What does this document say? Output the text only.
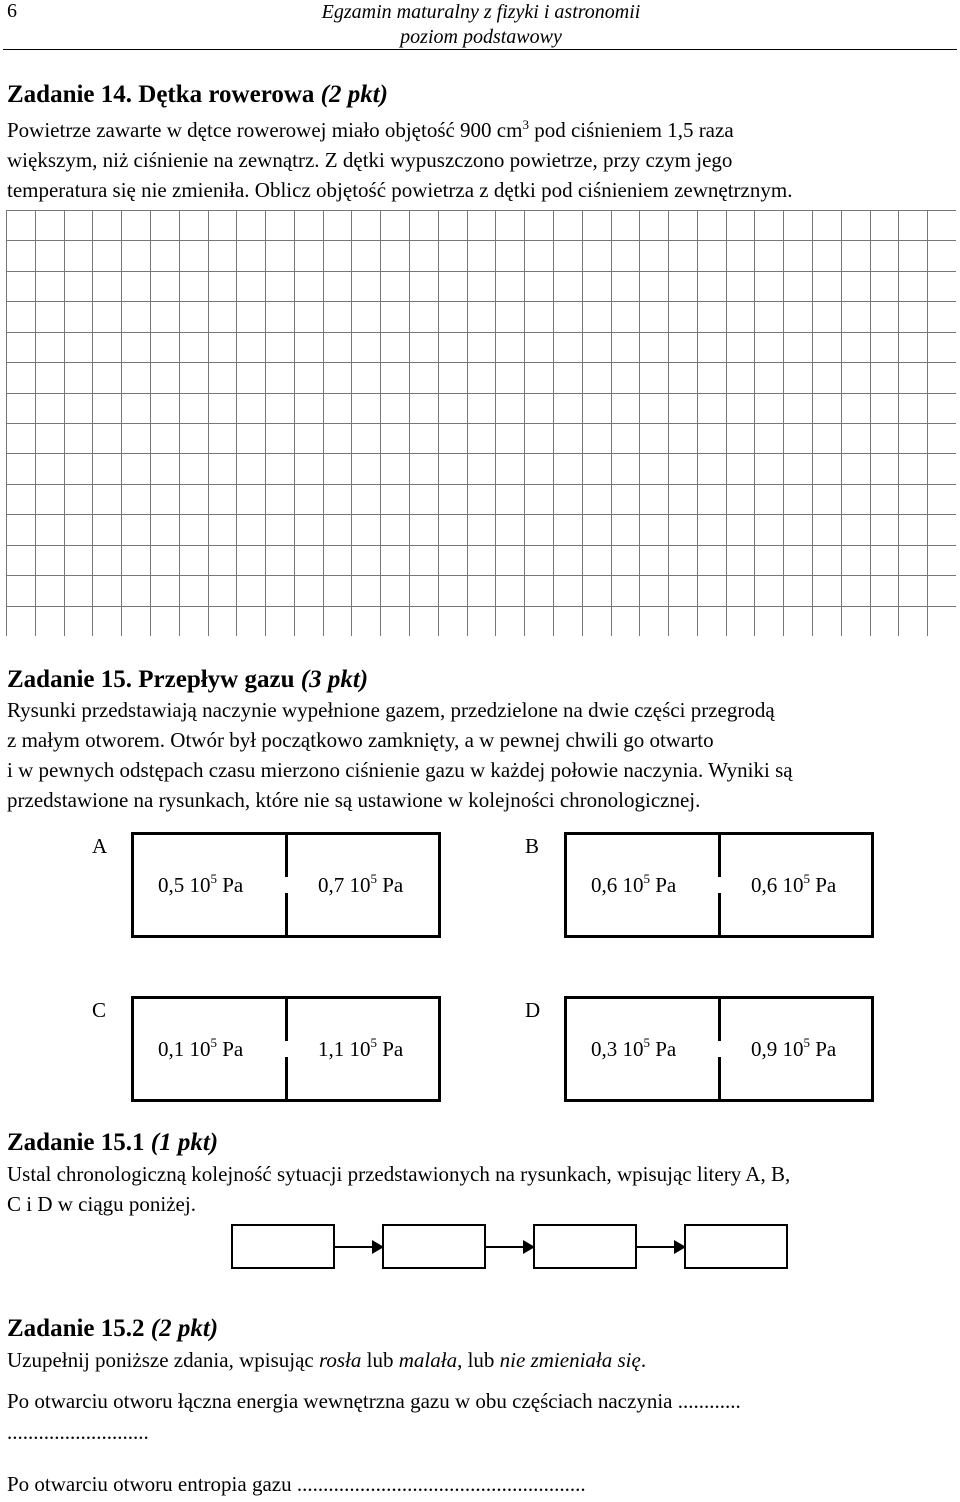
6	Egzamin maturalny z fizyki i astronomii
poziom podstawowy
Zadanie 14. Dętka rowerowa (2 pkt)
Powietrze zawarte w dętce rowerowej miało objętość 900 $cm^3$ pod ciśnieniem 1,5 raza
większym, niż ciśnienie na zewnątrz. Z dętki wypuszczono powietrze, przy czym jego
temperatura się nie zmieniła. Oblicz objętość powietrza z dętki pod ciśnieniem zewnętrznym.
Zadanie 15. Przepływ gazu (3 pkt)
Rysunki przedstawiają naczynie wypełnione gazem, przedzielone na dwie części przegrodą
z małym otworem. Otwór był początkowo zamknięty, a w pewnej chwili go otwarto
i w pewnych odstępach czasu mierzono ciśnienie gazu w każdej połowie naczynia. Wyniki są
przedstawione na rysunkach, które nie są ustawione w kolejności chronologicznej.
A
0,5 $10^5$ Pa	0,7 $10^5$ Pa
B
0,6 $10^5$ Pa	0,6 $10^5$ Pa
C
0,1 $10^5$ Pa	1,1 $10^5$ Pa
D
0,3 $10^5$ Pa	0,9 $10^5$ Pa
Zadanie 15.1 (1 pkt)
Ustal chronologiczną kolejność sytuacji przedstawionych na rysunkach, wpisując litery A, B,
C i D w ciągu poniżej.
Zadanie 15.2 (2 pkt)
Uzupełnij poniższe zdania, wpisując rosła lub malała, lub nie zmieniała się.
Po otwarciu otworu łączna energia wewnętrzna gazu w obu częściach naczynia ............
...........................
Po otwarciu otworu entropia gazu .......................................................
